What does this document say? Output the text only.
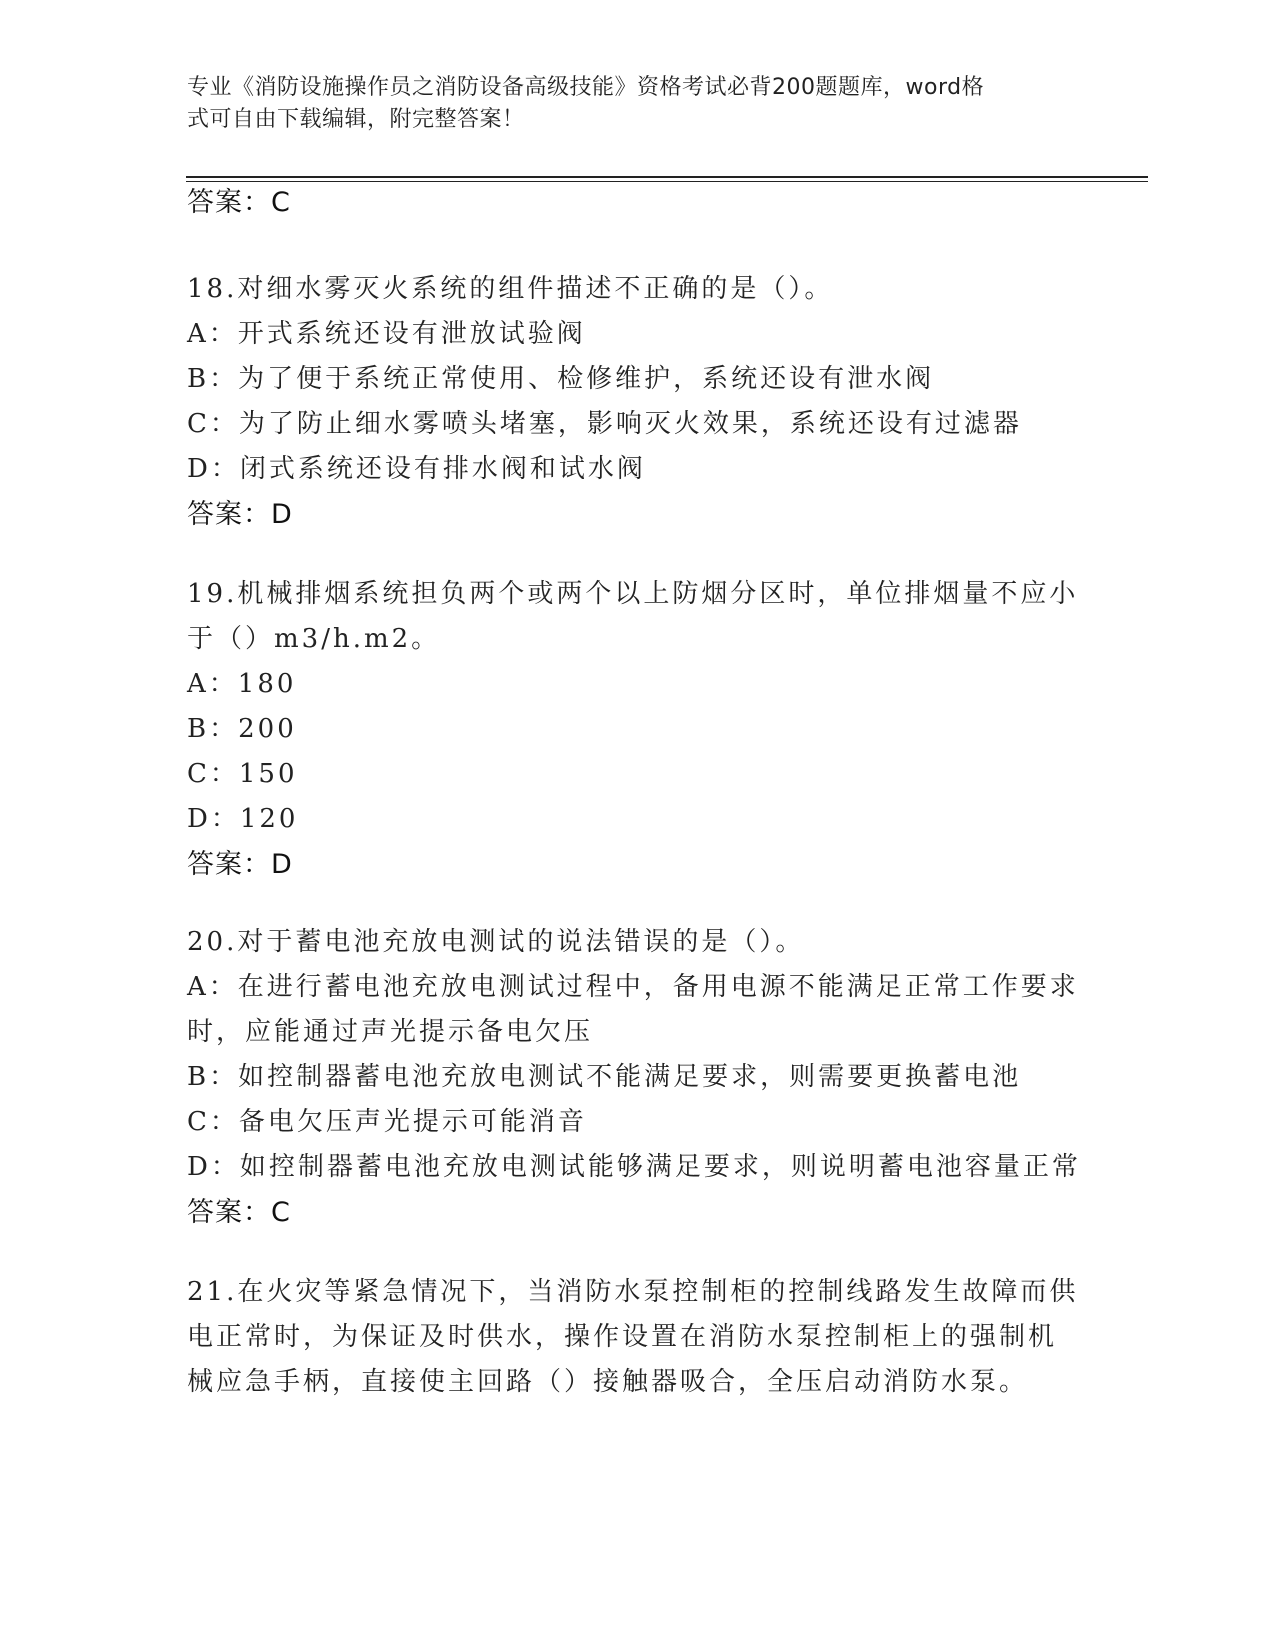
专业《消防设施操作员之消防设备高级技能》资格考试必背200题题库，word格
式可自由下载编辑，附完整答案！
答案：C
18.对细水雾灭火系统的组件描述不正确的是（）。
A：开式系统还设有泄放试验阀
B：为了便于系统正常使用、检修维护，系统还设有泄水阀
C：为了防止细水雾喷头堵塞，影响灭火效果，系统还设有过滤器
D：闭式系统还设有排水阀和试水阀
答案：D
19.机械排烟系统担负两个或两个以上防烟分区时，单位排烟量不应小
于（）m3/h.m2。
A：180
B：200
C：150
D：120
答案：D
20.对于蓄电池充放电测试的说法错误的是（）。
A：在进行蓄电池充放电测试过程中，备用电源不能满足正常工作要求
时，应能通过声光提示备电欠压
B：如控制器蓄电池充放电测试不能满足要求，则需要更换蓄电池
C：备电欠压声光提示可能消音
D：如控制器蓄电池充放电测试能够满足要求，则说明蓄电池容量正常
答案：C
21.在火灾等紧急情况下，当消防水泵控制柜的控制线路发生故障而供
电正常时，为保证及时供水，操作设置在消防水泵控制柜上的强制机
械应急手柄，直接使主回路（）接触器吸合，全压启动消防水泵。
